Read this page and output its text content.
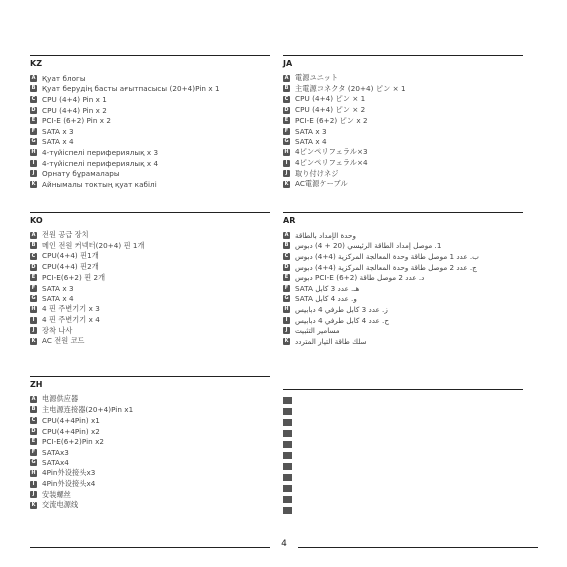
KZ
A Қуат блогы
B Қуат берудің басты ағытпасысы (20+4)Pin x 1
C CPU (4+4) Pin x 1
D CPU (4+4) Pin x 2
E PCI-E (6+2) Pin x 2
F SATA x 3
G SATA x 4
H 4-түйіспелі перифериялық x 3
I	4-түйіспелі перифериялық x 4
J	Орнату бұрамалары
K Айнымалы токтың қуат кабілі
JA
A 電源ユニット
B 主電源コネクタ (20+4) ピン × 1
C CPU (4+4) ピン × 1
D CPU (4+4) ピン × 2
E PCI-E (6+2) ピン x 2
F SATA x 3
G SATA x 4
H 4ピンペリフェラル×3
I	4ピンペリフェラル×4
J	取り付けネジ
K AC電源ケーブル
KO
A 전원 공급 장치
B 메인 전원 커넥터(20+4) 핀 1개
C CPU(4+4) 핀1개
D CPU(4+4) 핀2개
E PCI-E(6+2) 핀 2개
F SATA x 3
G SATA x 4
H 4 핀 주변기기 x 3
I	4 핀 주변기기 x 4
J	장착 나사
K AC 전원 코드
AR
A وحدة الإمداد بالطاقة
B 1. موصل إمداد الطاقة الرئيسي (20 + 4) دبوس
C ب. عدد 1 موصل طاقة وحدة المعالجة المركزية (4+4) دبوس
D ج. عدد 2 موصل طاقة وحدة المعالجة المركزية (4+4) دبوس
E د. عدد 2 موصل طاقة PCI-E (6+2) دبوس
F هـ. عدد 3 كابل SATA
G و. عدد 4 كابل SATA
H ز. عدد 3 كابل طرفي 4 دبابيس
I	ح. عدد 4 كابل طرفي 4 دبابيس
J	مسامير التثبيت
K سلك طاقة التيار المتردد
ZH
A 电源供应器
B 主电源连接器(20+4)Pin x1
C CPU(4+4Pin) x1
D CPU(4+4Pin) x2
E PCI-E(6+2)Pin x2
F SATAx3
G SATAx4
H 4Pin外设接头x3
I	4Pin外设接头x4
J	安装螺丝
K 交流电源线
4
